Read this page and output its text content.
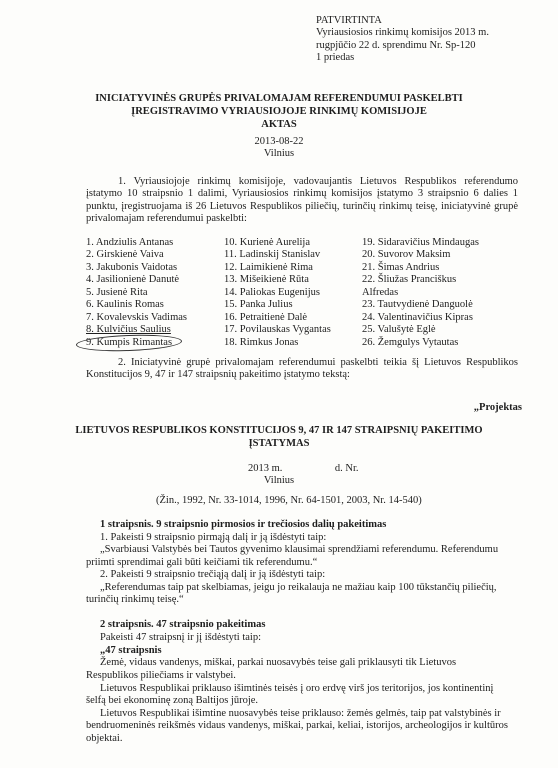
PATVIRTINTA
Vyriausiosios rinkimų komisijos 2013 m.
rugpjūčio 22 d. sprendimu Nr. Sp-120
1 priedas
INICIATYVINĖS GRUPĖS PRIVALOMAJAM REFERENDUMUI PASKELBTI
ĮREGISTRAVIMO VYRIAUSIOJOJE RINKIMŲ KOMISIJOJE
AKTAS
2013-08-22
Vilnius
1. Vyriausiojoje rinkimų komisijoje, vadovaujantis Lietuvos Respublikos referendumo įstatymo 10 straipsnio 1 dalimi, Vyriausiosios rinkimų komisijos įstatymo 3 straipsnio 6 dalies 1 punktu, įregistruojama iš 26 Lietuvos Respublikos piliečių, turinčių rinkimų teisę, iniciatyvinė grupė privalomajam referendumui paskelbti:
1. Andziulis Antanas
2. Girskienė Vaiva
3. Jakubonis Vaidotas
4. Jasilionienė Danutė
5. Jusienė Rita
6. Kaulinis Romas
7. Kovalevskis Vadimas
8. Kulvičius Saulius
9. Kumpis Rimantas
10. Kurienė Aurelija
11. Ladinskij Stanislav
12. Laimikienė Rima
13. Mišeikienė Rūta
14. Paliokas Eugenijus
15. Panka Julius
16. Petraitienė Dalė
17. Povilauskas Vygantas
18. Rimkus Jonas
19. Sidaravičius Mindaugas
20. Suvorov Maksim
21. Šimas Andrius
22. Šliužas Pranciškus
Alfredas
23. Tautvydienė Danguolė
24. Valentinavičius Kipras
25. Valušytė Eglė
26. Žemgulys Vytautas
2. Iniciatyvinė grupė privalomajam referendumui paskelbti teikia šį Lietuvos Respublikos Konstitucijos 9, 47 ir 147 straipsnių pakeitimo įstatymo tekstą:
„Projektas
LIETUVOS RESPUBLIKOS KONSTITUCIJOS 9, 47 IR 147 STRAIPSNIŲ PAKEITIMO
ĮSTATYMAS
2013 m.                    d. Nr.
Vilnius
(Žin., 1992, Nr. 33-1014, 1996, Nr. 64-1501, 2003, Nr. 14-540)
1 straipsnis. 9 straipsnio pirmosios ir trečiosios dalių pakeitimas
1. Pakeisti 9 straipsnio pirmąją dalį ir ją išdėstyti taip:
„Svarbiausi Valstybės bei Tautos gyvenimo klausimai sprendžiami referendumu. Referendumu
priimti sprendimai gali būti keičiami tik referendumu.“
2. Pakeisti 9 straipsnio trečiąją dalį ir ją išdėstyti taip:
„Referendumas taip pat skelbiamas, jeigu jo reikalauja ne mažiau kaip 100 tūkstančių piliečių,
turinčių rinkimų teisę.“
2 straipsnis. 47 straipsnio pakeitimas
Pakeisti 47 straipsnį ir jį išdėstyti taip:
„47 straipsnis
Žemė, vidaus vandenys, miškai, parkai nuosavybės teise gali priklausyti tik Lietuvos
Respublikos piliečiams ir valstybei.
Lietuvos Respublikai priklauso išimtinės teisės į oro erdvę virš jos teritorijos, jos kontinentinį
šelfą bei ekonominę zoną Baltijos jūroje.
Lietuvos Respublikai išimtine nuosavybės teise priklauso: žemės gelmės, taip pat valstybinės ir
bendruomeninės reikšmės vidaus vandenys, miškai, parkai, keliai, istorijos, archeologijos ir kultūros
objektai.
